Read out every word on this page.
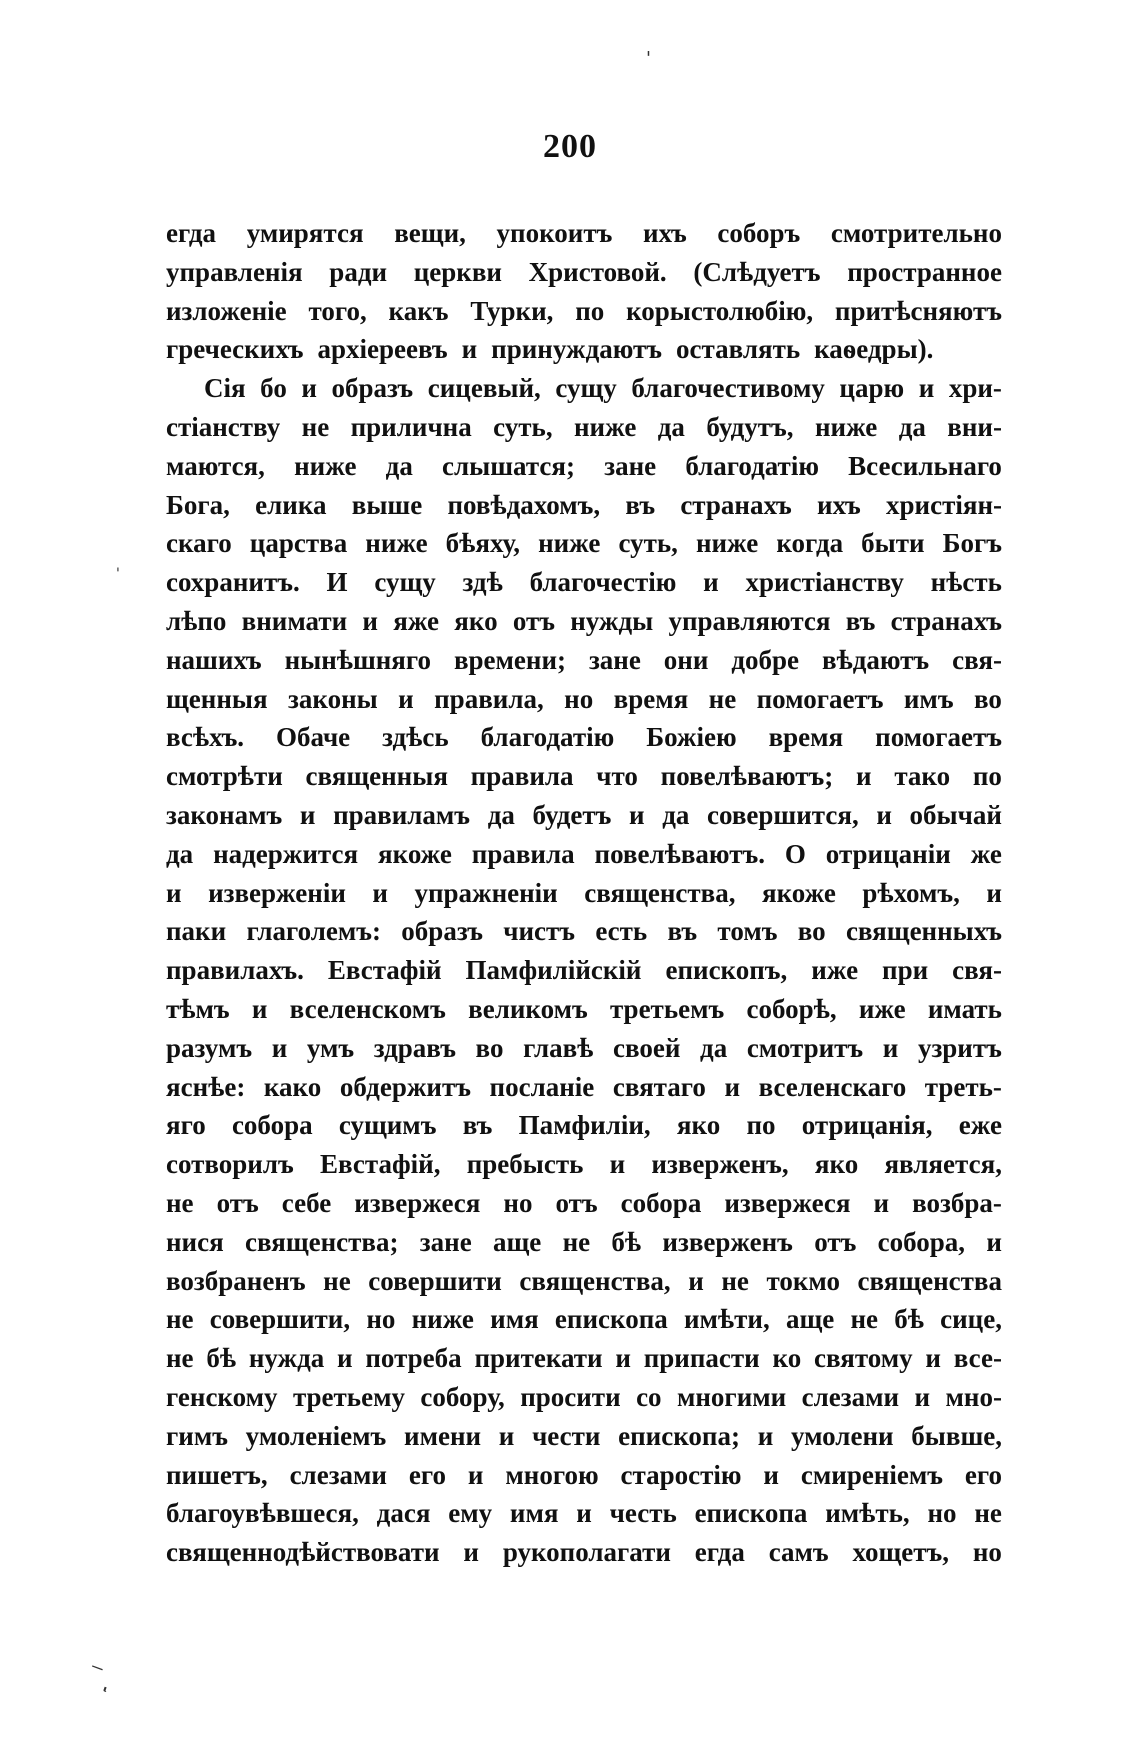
'
'
⁻ͺ
200
егда умирятся вещи, упокоитъ ихъ соборъ смотрительно
управленія ради церкви Христовой. (Слѣдуетъ пространное
изложеніе того, какъ Турки, по корыстолюбію, притѣсняютъ
греческихъ архіереевъ и принуждаютъ оставлять каѳедры).
Сія бо и образъ сицевый, сущу благочестивому царю и хри-
стіанству не прилична суть, ниже да будутъ, ниже да вни-
маются, ниже да слышатся; зане благодатію Всесильнаго
Бога, елика выше повѣдахомъ, въ странахъ ихъ христіян-
скаго царства ниже бѣяху, ниже суть, ниже когда быти Богъ
сохранитъ. И сущу здѣ благочестію и христіанству нѣсть
лѣпо внимати и яже яко отъ нужды управляются въ странахъ
нашихъ нынѣшняго времени; зане они добре вѣдаютъ свя-
щенныя законы и правила, но время не помогаетъ имъ во
всѣхъ. Обаче здѣсь благодатію Божіею время помогаетъ
смотрѣти священныя правила что повелѣваютъ; и тако по
законамъ и правиламъ да будетъ и да совершится, и обычай
да надержится якоже правила повелѣваютъ. О отрицаніи же
и изверженіи и упражненіи священства, якоже рѣхомъ, и
паки глаголемъ: образъ чистъ есть въ томъ во священныхъ
правилахъ. Евстафій Памфилійскій епископъ, иже при свя-
тѣмъ и вселенскомъ великомъ третьемъ соборѣ, иже имать
разумъ и умъ здравъ во главѣ своей да смотритъ и узритъ
яснѣе: како обдержитъ посланіе святаго и вселенскаго треть-
яго собора сущимъ въ Памфиліи, яко по отрицанія, еже
сотворилъ Евстафій, пребысть и изверженъ, яко является,
не отъ себе извержеся но отъ собора извержеся и возбра-
нися священства; зане аще не бѣ изверженъ отъ собора, и
возбраненъ не совершити священства, и не токмо священства
не совершити, но ниже имя епископа имѣти, аще не бѣ сице,
не бѣ нужда и потреба притекати и припасти ко святому и все-
генскому третьему собору, просити со многими слезами и мно-
гимъ умоленіемъ имени и чести епископа; и умолени бывше,
пишетъ, слезами его и многою старостію и смиреніемъ его
благоувѣвшеся, дася ему имя и честь епископа имѣть, но не
священнодѣйствовати и рукополагати егда самъ хощетъ, но
